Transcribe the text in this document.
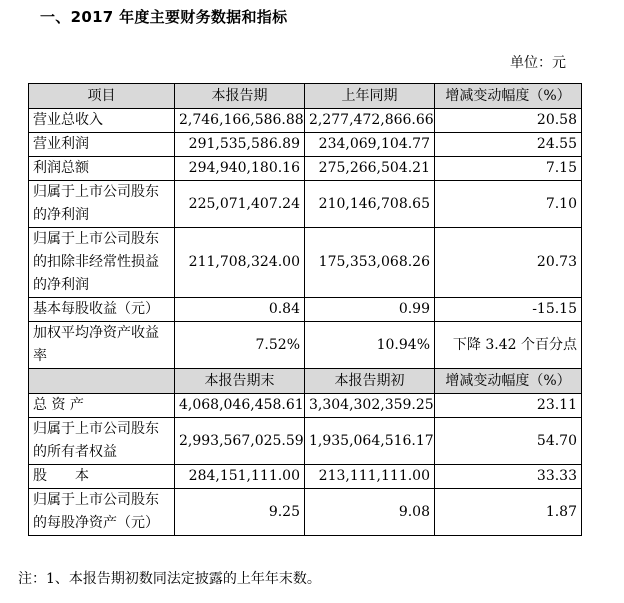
一、2017 年度主要财务数据和指标
单位：元
项目	本报告期	上年同期	增减变动幅度（%）
营业总收入	2,746,166,586.88	2,277,472,866.66	20.58
营业利润	291,535,586.89	234,069,104.77	24.55
利润总额	294,940,180.16	275,266,504.21	7.15
归属于上市公司股东的净利润	225,071,407.24	210,146,708.65	7.10
归属于上市公司股东的扣除非经常性损益的净利润	211,708,324.00	175,353,068.26	20.73
基本每股收益（元）	0.84	0.99	-15.15
加权平均净资产收益率	7.52%	10.94%	下降 3.42 个百分点
	本报告期末	本报告期初	增减变动幅度（%）
总 资 产	4,068,046,458.61	3,304,302,359.25	23.11
归属于上市公司股东的所有者权益	2,993,567,025.59	1,935,064,516.17	54.70
股　　本	284,151,111.00	213,111,111.00	33.33
归属于上市公司股东的每股净资产（元）	9.25	9.08	1.87
注：1、本报告期初数同法定披露的上年年末数。
